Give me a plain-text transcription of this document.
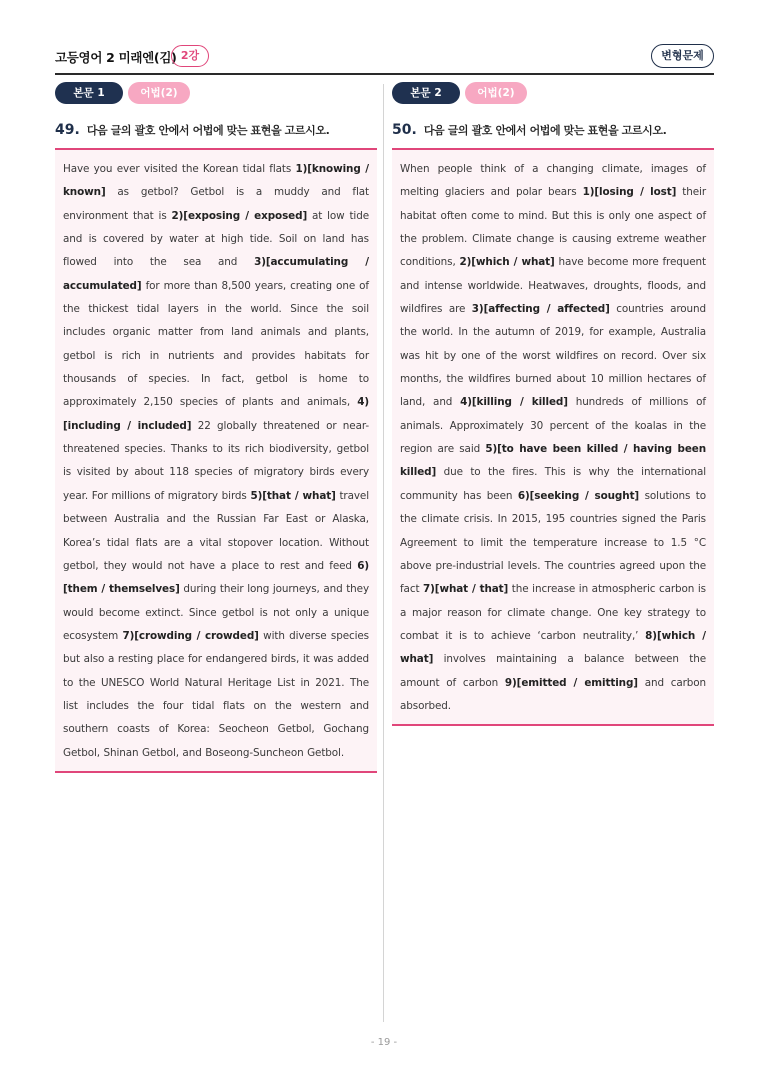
고등영어 2 미래엔(김) 2강	변형문제
본문 1	어법(2)
49. 다음 글의 괄호 안에서 어법에 맞는 표현을 고르시오.

Have you ever visited the Korean tidal flats 1)[knowing / known] as getbol? Getbol is a muddy and flat environment that is 2)[exposing / exposed] at low tide and is covered by water at high tide. Soil on land has flowed into the sea and 3)[accumulating / accumulated] for more than 8,500 years, creating one of the thickest tidal layers in the world. Since the soil includes organic matter from land animals and plants, getbol is rich in nutrients and provides habitats for thousands of species. In fact, getbol is home to approximately 2,150 species of plants and animals, 4)[including / included] 22 globally threatened or near-threatened species. Thanks to its rich biodiversity, getbol is visited by about 118 species of migratory birds every year. For millions of migratory birds 5)[that / what] travel between Australia and the Russian Far East or Alaska, Korea’s tidal flats are a vital stopover location. Without getbol, they would not have a place to rest and feed 6)[them / themselves] during their long journeys, and they would become extinct. Since getbol is not only a unique ecosystem 7)[crowding / crowded] with diverse species but also a resting place for endangered birds, it was added to the UNESCO World Natural Heritage List in 2021. The list includes the four tidal flats on the western and southern coasts of Korea: Seocheon Getbol, Gochang Getbol, Shinan Getbol, and Boseong-Suncheon Getbol.

본문 2	어법(2)
50. 다음 글의 괄호 안에서 어법에 맞는 표현을 고르시오.

When people think of a changing climate, images of melting glaciers and polar bears 1)[losing / lost] their habitat often come to mind. But this is only one aspect of the problem. Climate change is causing extreme weather conditions, 2)[which / what] have become more frequent and intense worldwide. Heatwaves, droughts, floods, and wildfires are 3)[affecting / affected] countries around the world. In the autumn of 2019, for example, Australia was hit by one of the worst wildfires on record. Over six months, the wildfires burned about 10 million hectares of land, and 4)[killing / killed] hundreds of millions of animals. Approximately 30 percent of the koalas in the region are said 5)[to have been killed / having been killed] due to the fires. This is why the international community has been 6)[seeking / sought] solutions to the climate crisis. In 2015, 195 countries signed the Paris Agreement to limit the temperature increase to 1.5 °C above pre-industrial levels. The countries agreed upon the fact 7)[what / that] the increase in atmospheric carbon is a major reason for climate change. One key strategy to combat it is to achieve ‘carbon neutrality,’ 8)[which / what] involves maintaining a balance between the amount of carbon 9)[emitted / emitting] and carbon absorbed.

- 19 -
